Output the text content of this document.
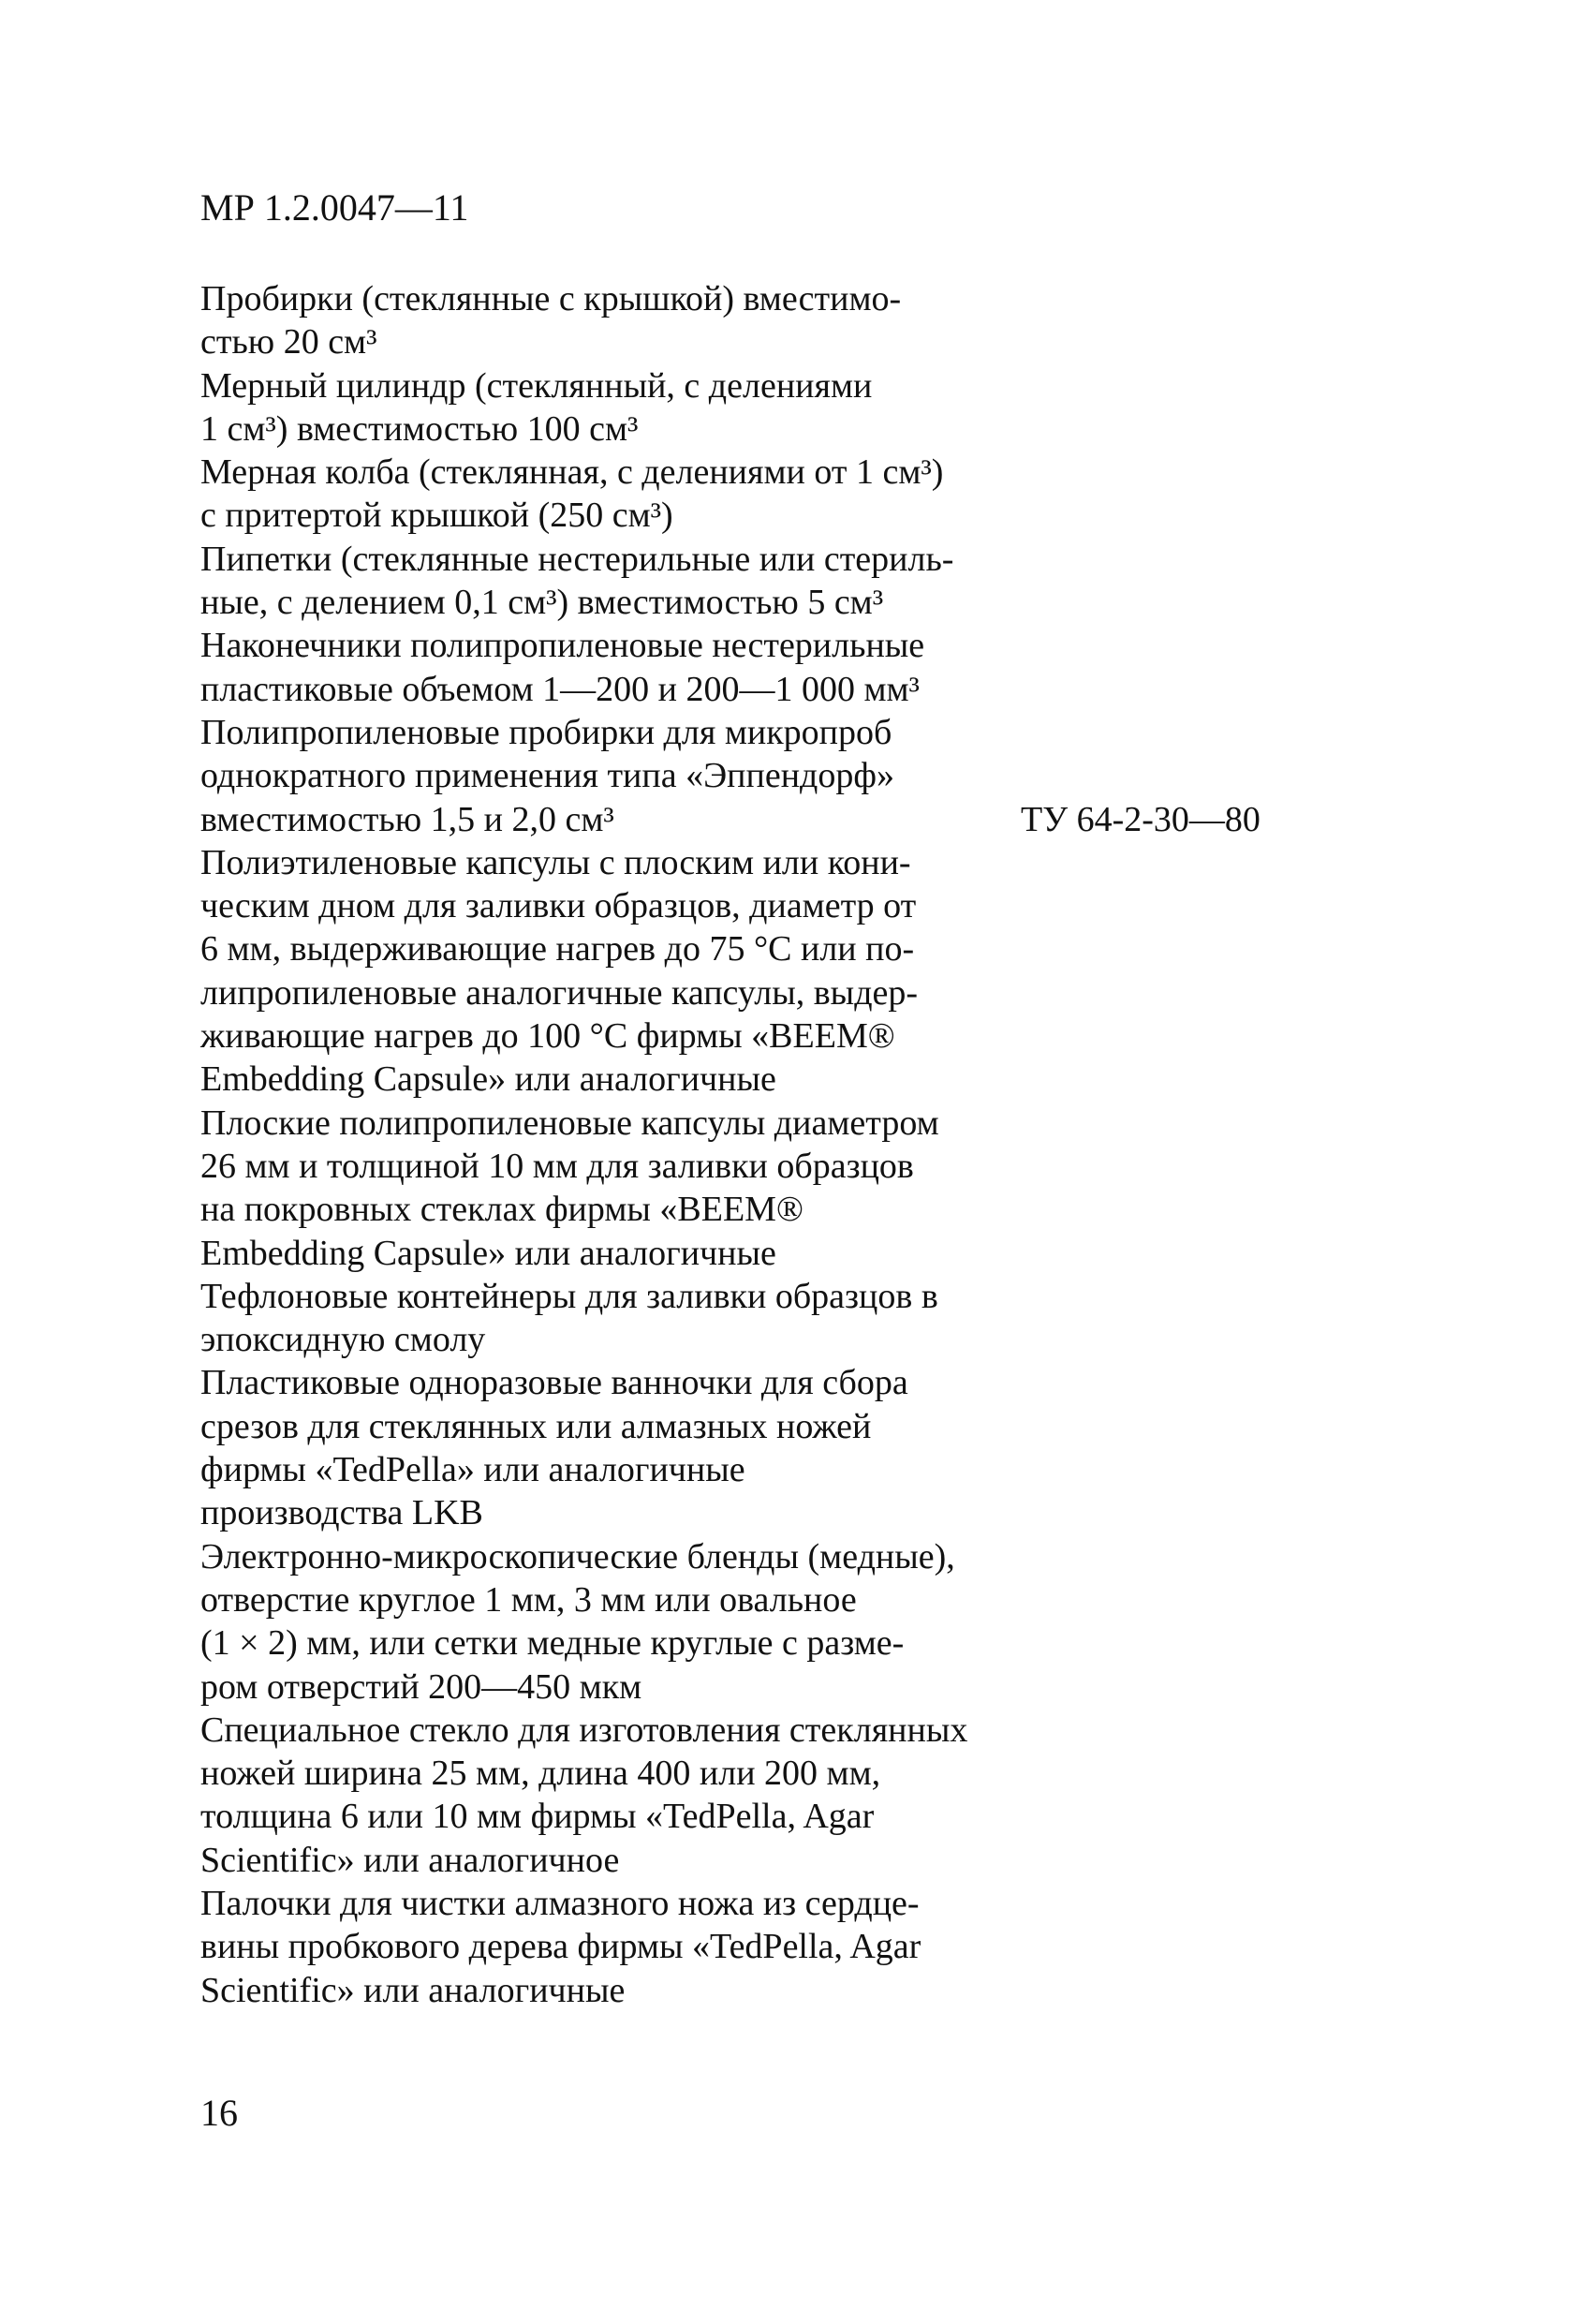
МР 1.2.0047—11
Пробирки (стеклянные с крышкой) вместимо-
стью 20 см³
Мерный цилиндр (стеклянный, с делениями
1 см³) вместимостью 100 см³
Мерная колба (стеклянная, с делениями от 1 см³)
с притертой крышкой (250 см³)
Пипетки (стеклянные нестерильные или стериль-
ные, с делением 0,1 см³) вместимостью 5 см³
Наконечники полипропиленовые нестерильные
пластиковые объемом 1—200 и 200—1 000 мм³
Полипропиленовые пробирки для микропроб
однократного применения типа «Эппендорф»
вместимостью 1,5 и 2,0 см³	ТУ 64-2-30—80
Полиэтиленовые капсулы с плоским или кони-
ческим дном для заливки образцов, диаметр от
6 мм, выдерживающие нагрев до 75 °С или по-
липропиленовые аналогичные капсулы, выдер-
живающие нагрев до 100 °С фирмы «BEEM®
Embedding Capsule» или аналогичные
Плоские полипропиленовые капсулы диаметром
26 мм и толщиной 10 мм для заливки образцов
на покровных стеклах фирмы «BEEM®
Embedding Capsule» или аналогичные
Тефлоновые контейнеры для заливки образцов в
эпоксидную смолу
Пластиковые одноразовые ванночки для сбора
срезов для стеклянных или алмазных ножей
фирмы «TedPella» или аналогичные
производства LKB
Электронно-микроскопические бленды (медные),
отверстие круглое 1 мм, 3 мм или овальное
(1 × 2) мм, или сетки медные круглые с разме-
ром отверстий 200—450 мкм
Специальное стекло для изготовления стеклянных
ножей ширина 25 мм, длина 400 или 200 мм,
толщина 6 или 10 мм фирмы «TedPella, Agar
Scientific» или аналогичное
Палочки для чистки алмазного ножа из сердце-
вины пробкового дерева фирмы «TedPella, Agar
Scientific» или аналогичные
16
